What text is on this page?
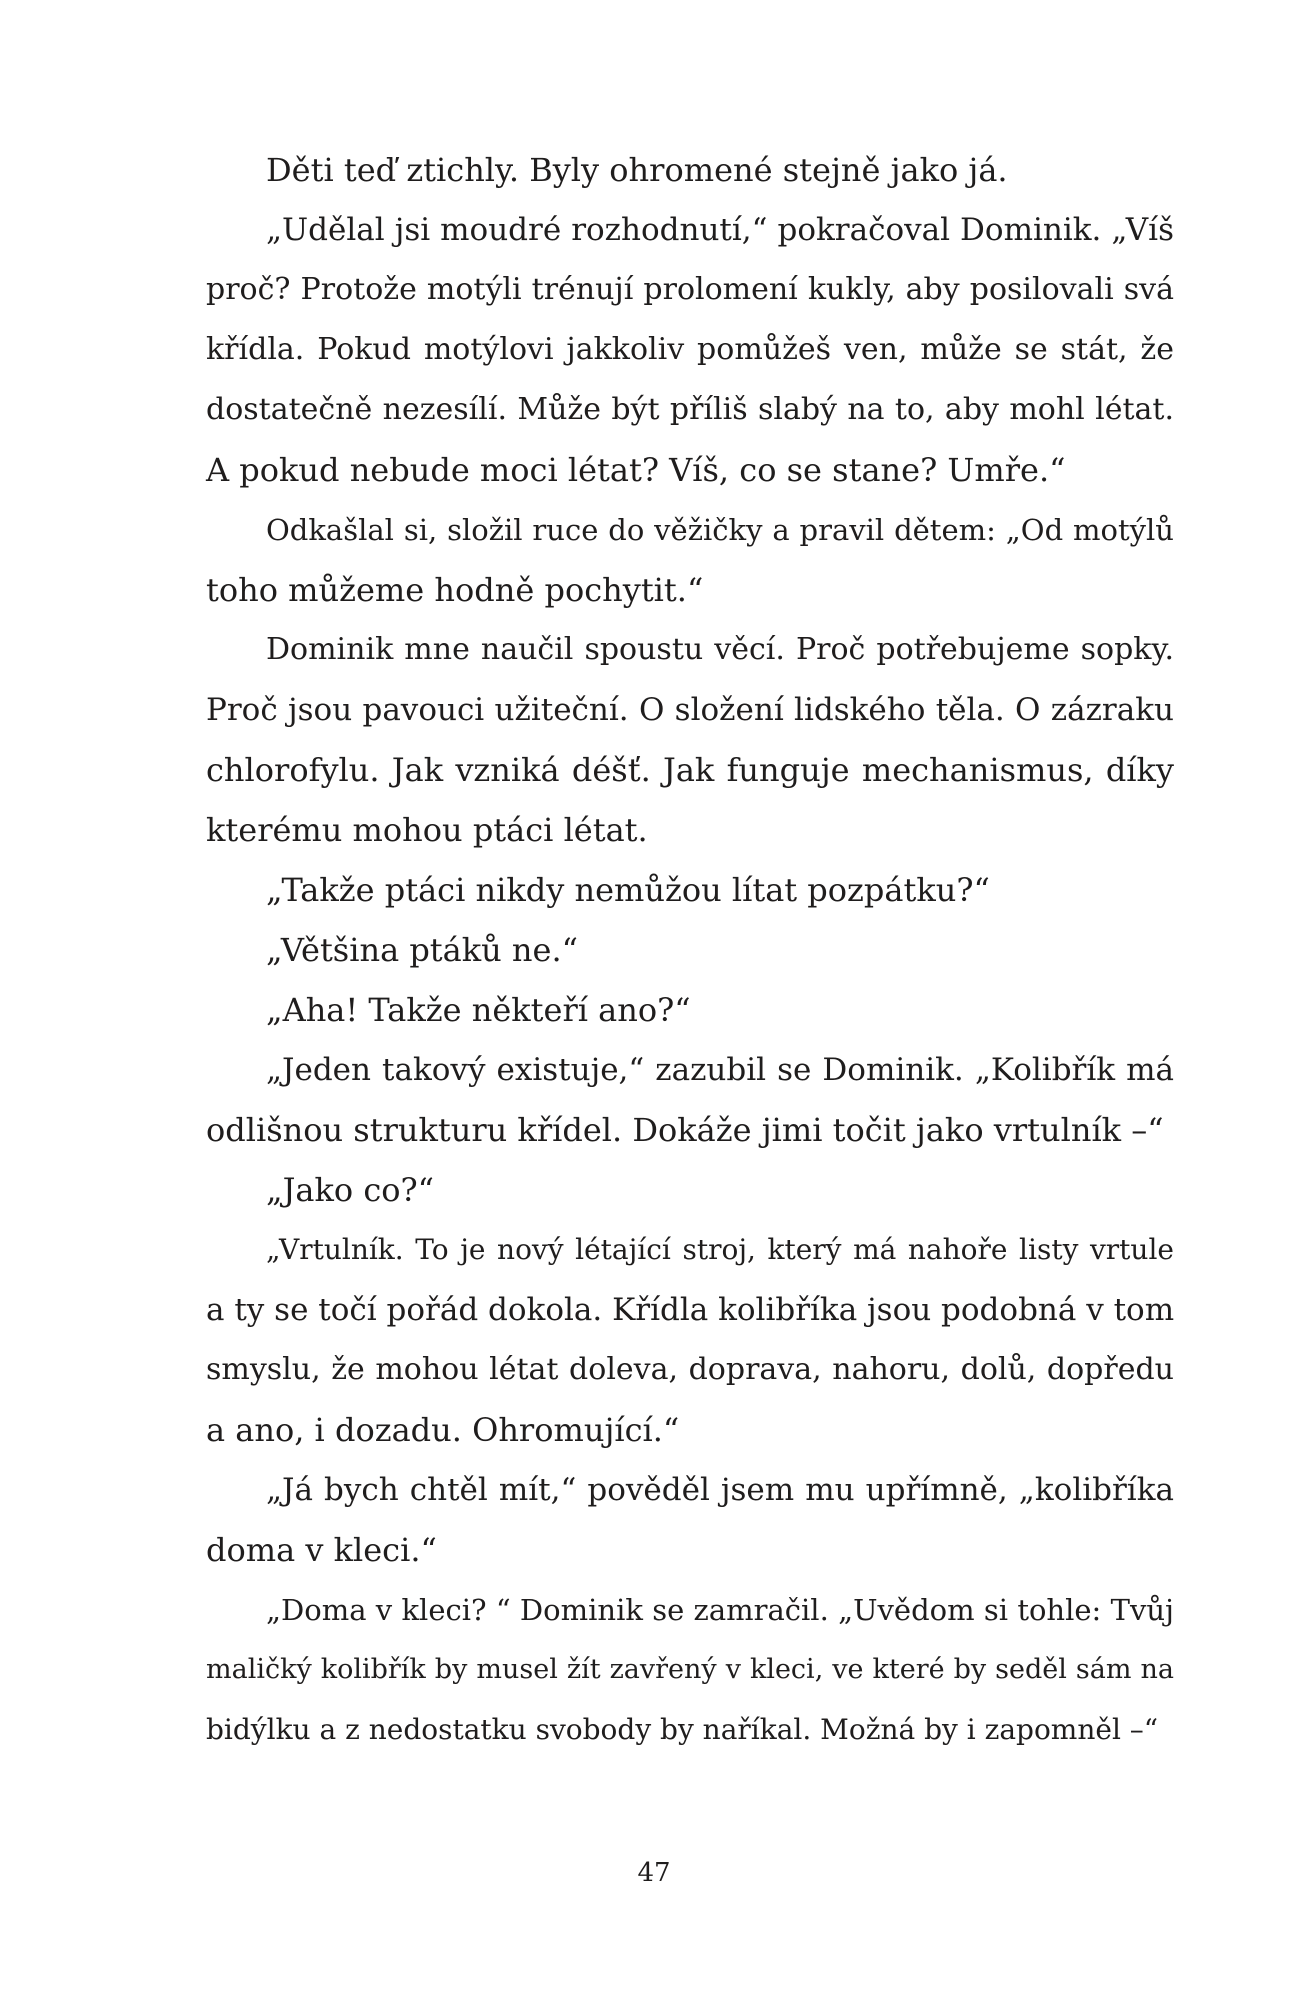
Děti teď ztichly. Byly ohromené stejně jako já.
„Udělal jsi moudré rozhodnutí,“ pokračoval Dominik. „Víš
proč? Protože motýli trénují prolomení kukly, aby posilovali svá
křídla. Pokud motýlovi jakkoliv pomůžeš ven, může se stát, že
dostatečně nezesílí. Může být příliš slabý na to, aby mohl létat.
A pokud nebude moci létat? Víš, co se stane? Umře.“
Odkašlal si, složil ruce do věžičky a pravil dětem: „Od motýlů
toho můžeme hodně pochytit.“
Dominik mne naučil spoustu věcí. Proč potřebujeme sopky.
Proč jsou pavouci užiteční. O složení lidského těla. O zázraku
chlorofylu. Jak vzniká déšť. Jak funguje mechanismus, díky
kterému mohou ptáci létat.
„Takže ptáci nikdy nemůžou lítat pozpátku?“
„Většina ptáků ne.“
„Aha! Takže někteří ano?“
„Jeden takový existuje,“ zazubil se Dominik. „Kolibřík má
odlišnou strukturu křídel. Dokáže jimi točit jako vrtulník –“
„Jako co?“
„Vrtulník. To je nový létající stroj, který má nahoře listy vrtule
a ty se točí pořád dokola. Křídla kolibříka jsou podobná v tom
smyslu, že mohou létat doleva, doprava, nahoru, dolů, dopředu
a ano, i dozadu. Ohromující.“
„Já bych chtěl mít,“ pověděl jsem mu upřímně, „kolibříka
doma v kleci.“
„Doma v kleci? “ Dominik se zamračil. „Uvědom si tohle: Tvůj
maličký kolibřík by musel žít zavřený v kleci, ve které by seděl sám na
bidýlku a z nedostatku svobody by naříkal. Možná by i zapomněl –“
47
